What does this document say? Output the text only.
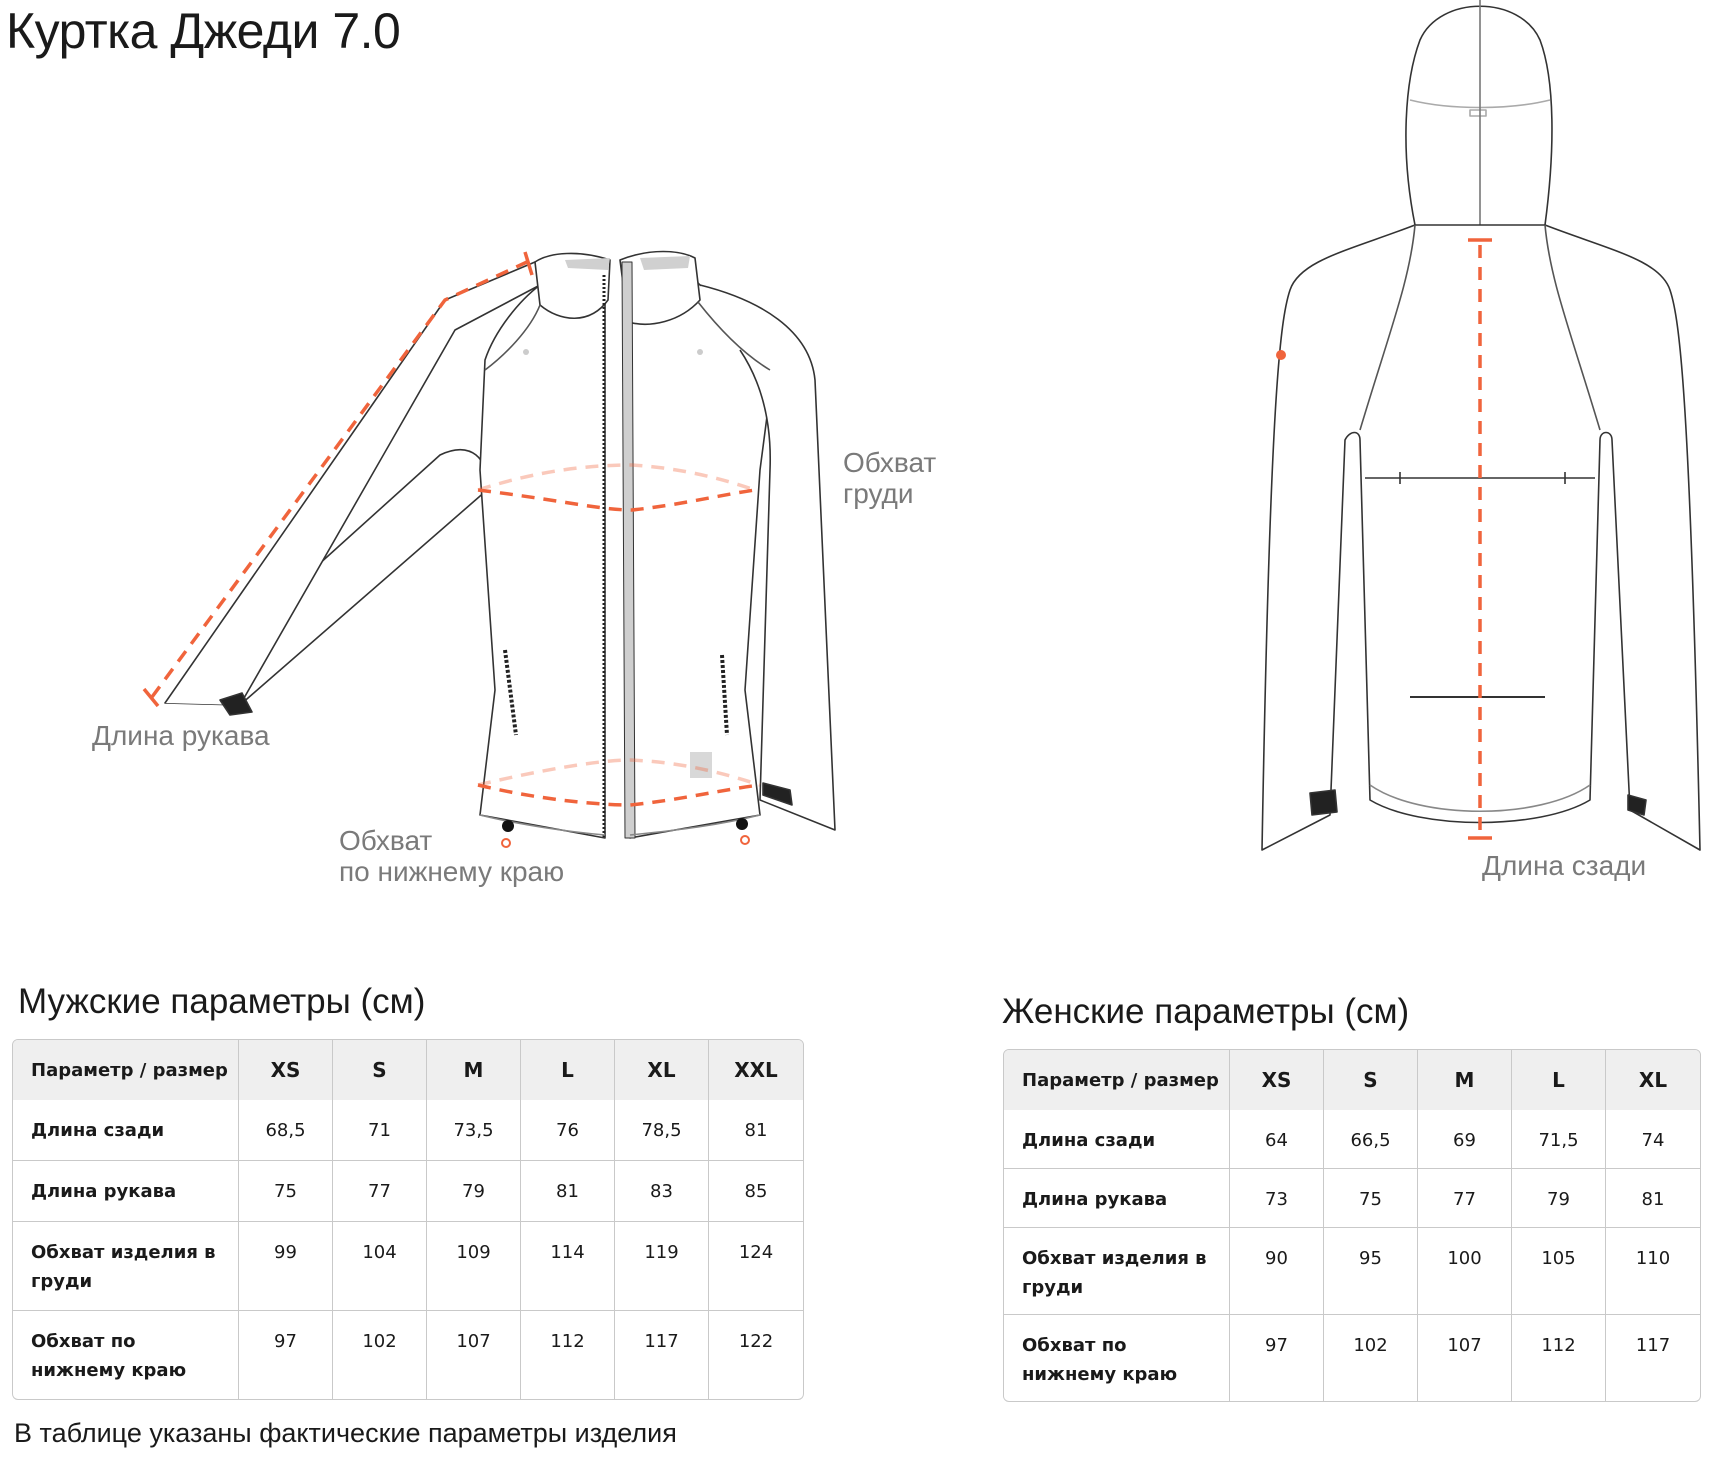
Куртка Джеди 7.0
Обхват
груди
Длина рукава
Обхват
по нижнему краю	Длина сзади
Мужские параметры (см)
Параметр / размер	XS	S	M	L	XL	XXL
Длина сзади	68,5	71	73,5	76	78,5	81
Длина рукава	75	77	79	81	83	85
Обхват изделия в груди	99	104	109	114	119	124
Обхват по нижнему краю	97	102	107	112	117	122
Женские параметры (см)
Параметр / размер	XS	S	M	L	XL
Длина сзади	64	66,5	69	71,5	74
Длина рукава	73	75	77	79	81
Обхват изделия в груди	90	95	100	105	110
Обхват по нижнему краю	97	102	107	112	117
В таблице указаны фактические параметры изделия
